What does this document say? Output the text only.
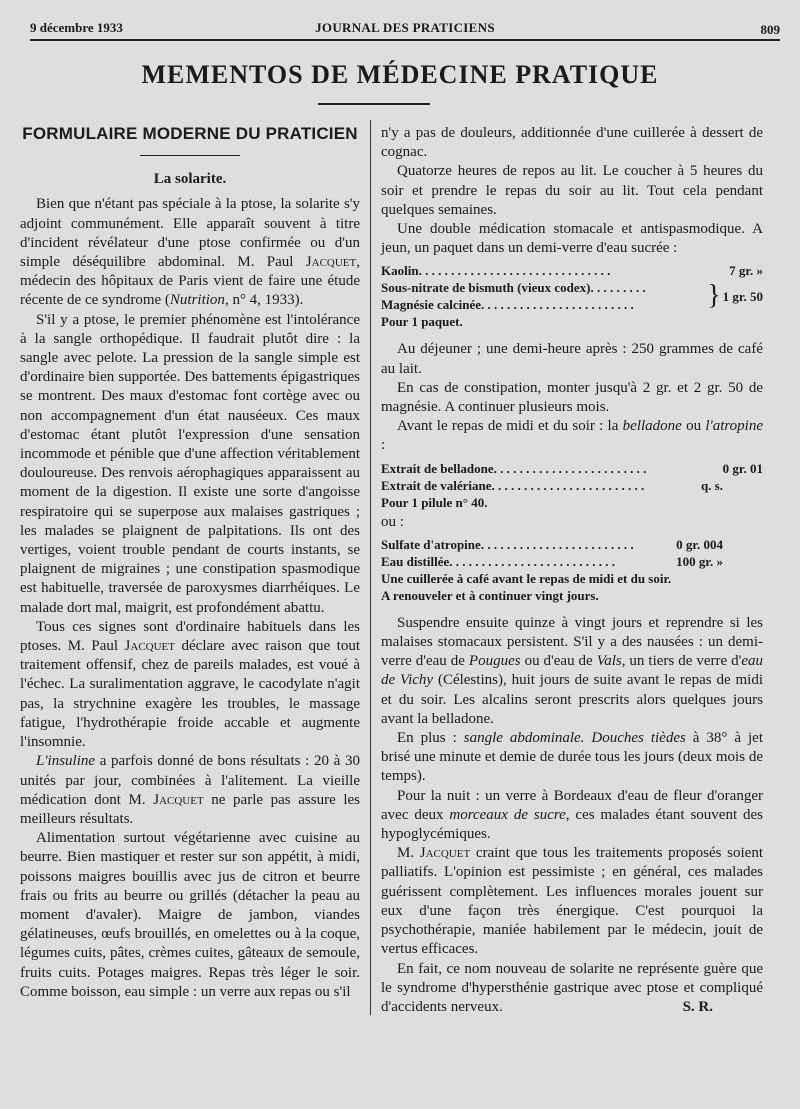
9 décembre 1933	JOURNAL DES PRATICIENS	809
MEMENTOS DE MÉDECINE PRATIQUE
FORMULAIRE MODERNE DU PRATICIEN
La solarite.

Bien que n'étant pas spéciale à la ptose, la solarite s'y adjoint communément. Elle apparaît souvent à titre d'incident révélateur d'une ptose confirmée ou d'un simple déséquilibre abdominal. M. Paul Jacquet, médecin des hôpitaux de Paris vient de faire une étude récente de ce syndrome (Nutrition, n° 4, 1933).

S'il y a ptose, le premier phénomène est l'intolérance à la sangle orthopédique. Il faudrait plutôt dire : la sangle avec pelote. La pression de la sangle simple est d'ordinaire bien supportée. Des battements épigastriques se montrent. Des maux d'estomac font cortège avec ou non accompagnement d'un état nauséeux. Ces maux d'estomac étant plutôt l'expression d'une sensation incommode et pénible que d'une affection véritablement douloureuse. Des renvois aérophagiques apparaissent au moment de la digestion. Il existe une sorte d'angoisse respiratoire qui se superpose aux malaises gastriques ; les malades se plaignent de palpitations. Ils ont des vertiges, voient trouble pendant de courts instants, se plaignent de migraines ; une constipation spasmodique est habituelle, traversée de paroxysmes diarrhéiques. Le malade dort mal, maigrit, est profondément abattu.

Tous ces signes sont d'ordinaire habituels dans les ptoses. M. Paul Jacquet déclare avec raison que tout traitement offensif, chez de pareils malades, est voué à l'échec. La suralimentation aggrave, le cacodylate n'agit pas, la strychnine exagère les troubles, le massage fatigue, l'hydrothérapie froide accable et augmente l'insomnie.

L'insuline a parfois donné de bons résultats : 20 à 30 unités par jour, combinées à l'alitement. La vieille médication dont M. Jacquet ne parle pas assure les meilleurs résultats.

Alimentation surtout végétarienne avec cuisine au beurre. Bien mastiquer et rester sur son appétit, à midi, poissons maigres bouillis avec jus de citron et beurre frais ou frits au beurre ou grillés (détacher la peau au moment d'avaler). Maigre de jambon, viandes gélatineuses, œufs brouillés, en omelettes ou à la coque, légumes cuits, pâtes, crèmes cuites, gâteaux de semoule, fruits cuits. Potages maigres. Repas très léger le soir. Comme boisson, eau simple : un verre aux repas ou s'il

n'y a pas de douleurs, additionnée d'une cuillerée à dessert de cognac.

Quatorze heures de repos au lit. Le coucher à 5 heures du soir et prendre le repas du soir au lit. Tout cela pendant quelques semaines.

Une double médication stomacale et antispasmodique. A jeun, un paquet dans un demi-verre d'eau sucrée :

Kaolin . . . . . . . . . . . . . . . . . . . . . . . . . . . . . .	7 gr. »
Sous-nitrate de bismuth (vieux codex) . . . . . . . . .
Magnésie calcinée . . . . . . . . . . . . . . . . . . . . . . . .	} 1 gr. 50
Pour 1 paquet.

Au déjeuner ; une demi-heure après : 250 grammes de café au lait.

En cas de constipation, monter jusqu'à 2 gr. et 2 gr. 50 de magnésie. A continuer plusieurs mois.

Avant le repas de midi et du soir : la belladone ou l'atropine :

Extrait de belladone . . . . . . . . . . . . . . . . . . . . . . . .	0 gr. 01
Extrait de valériane . . . . . . . . . . . . . . . . . . . . . . . .	q. s.
Pour 1 pilule n° 40.

ou :

Sulfate d'atropine . . . . . . . . . . . . . . . . . . . . . . . .	0 gr. 004
Eau distillée . . . . . . . . . . . . . . . . . . . . . . . . . .	100 gr. »
Une cuillerée à café avant le repas de midi et du soir.
A renouveler et à continuer vingt jours.

Suspendre ensuite quinze à vingt jours et reprendre si les malaises stomacaux persistent. S'il y a des nausées : un demi-verre d'eau de Pougues ou d'eau de Vals, un tiers de verre d'eau de Vichy (Célestins), huit jours de suite avant le repas de midi et du soir. Les alcalins seront prescrits alors quelques jours avant la belladone.

En plus : sangle abdominale. Douches tièdes à 38° à jet brisé une minute et demie de durée tous les jours (deux mois de temps).

Pour la nuit : un verre à Bordeaux d'eau de fleur d'oranger avec deux morceaux de sucre, ces malades étant souvent des hypoglycémiques.

M. Jacquet craint que tous les traitements proposés soient palliatifs. L'opinion est pessimiste ; en général, ces malades guérissent complètement. Les influences morales jouent sur eux d'une façon très énergique. C'est pourquoi la psychothérapie, maniée habilement par le médecin, jouit de vertus efficaces.

En fait, ce nom nouveau de solarite ne représente guère que le syndrome d'hypersthénie gastrique avec ptose et compliqué d'accidents nerveux.	S. R.
